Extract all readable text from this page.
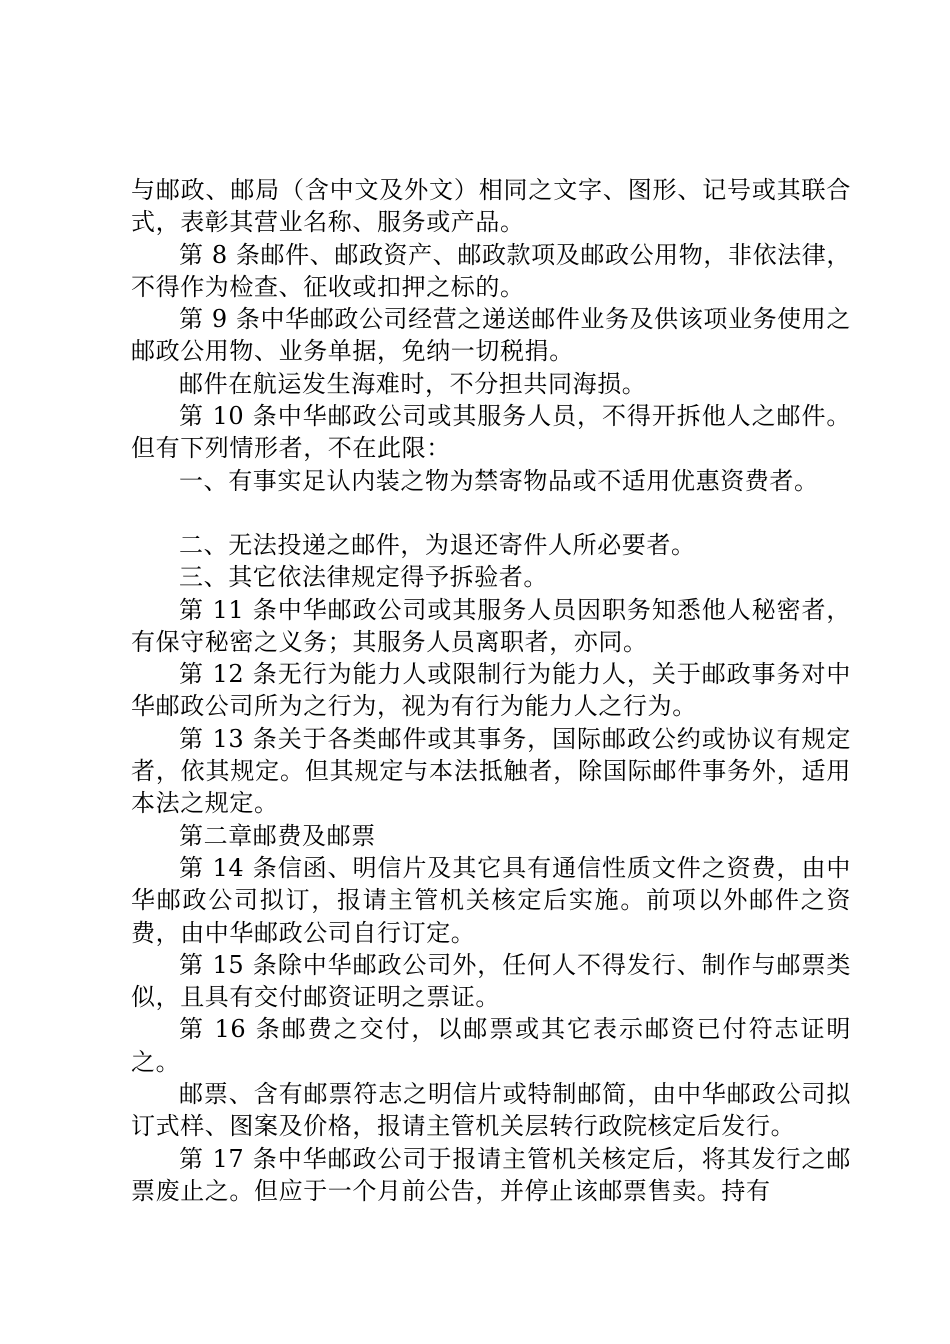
与邮政、邮局（含中文及外文）相同之文字、图形、记号或其联合式，表彰其营业名称、服务或产品。

第 8 条邮件、邮政资产、邮政款项及邮政公用物，非依法律，不得作为检查、征收或扣押之标的。

第 9 条中华邮政公司经营之递送邮件业务及供该项业务使用之邮政公用物、业务单据，免纳一切税捐。

邮件在航运发生海难时，不分担共同海损。

第 10 条中华邮政公司或其服务人员，不得开拆他人之邮件。但有下列情形者，不在此限：

一、有事实足认内装之物为禁寄物品或不适用优惠资费者。

二、无法投递之邮件，为退还寄件人所必要者。

三、其它依法律规定得予拆验者。

第 11 条中华邮政公司或其服务人员因职务知悉他人秘密者，有保守秘密之义务；其服务人员离职者，亦同。

第 12 条无行为能力人或限制行为能力人，关于邮政事务对中华邮政公司所为之行为，视为有行为能力人之行为。

第 13 条关于各类邮件或其事务，国际邮政公约或协议有规定者，依其规定。但其规定与本法抵触者，除国际邮件事务外，适用本法之规定。

第二章邮费及邮票

第 14 条信函、明信片及其它具有通信性质文件之资费，由中华邮政公司拟订，报请主管机关核定后实施。前项以外邮件之资费，由中华邮政公司自行订定。

第 15 条除中华邮政公司外，任何人不得发行、制作与邮票类似，且具有交付邮资证明之票证。

第 16 条邮费之交付，以邮票或其它表示邮资已付符志证明之。

邮票、含有邮票符志之明信片或特制邮简，由中华邮政公司拟订式样、图案及价格，报请主管机关层转行政院核定后发行。

第 17 条中华邮政公司于报请主管机关核定后，将其发行之邮票废止之。但应于一个月前公告，并停止该邮票售卖。持有
